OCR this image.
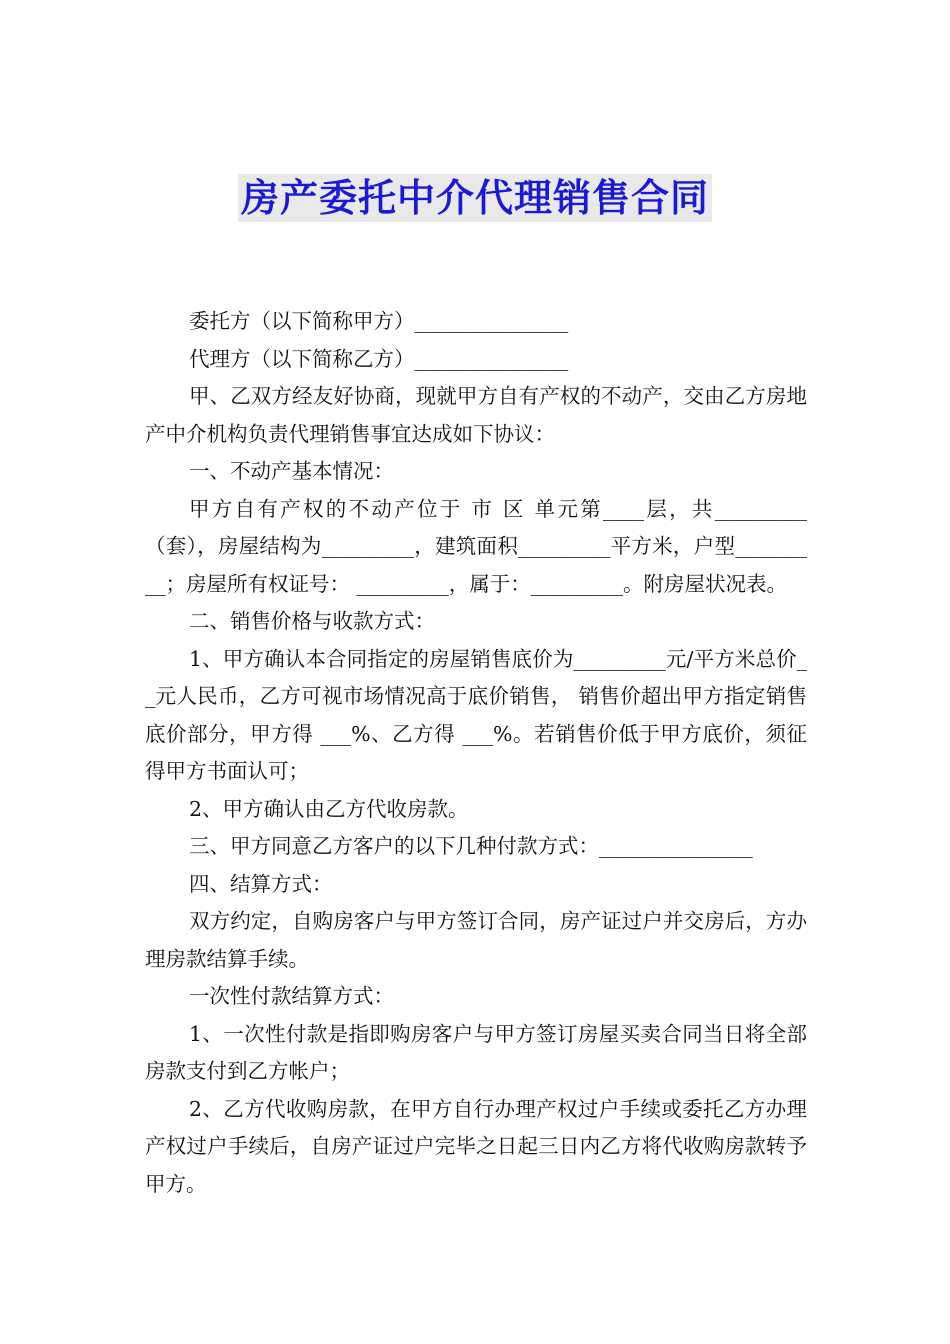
房产委托中介代理销售合同

委托方（以下简称甲方）_______________

代理方（以下简称乙方）_______________

甲、乙双方经友好协商，现就甲方自有产权的不动产，交由乙方房地产中介机构负责代理销售事宜达成如下协议：

一、不动产基本情况：

甲方自有产权的不动产位于 市 区 单元第____层，共_________（套），房屋结构为_________，建筑面积_________平方米，户型_________；房屋所有权证号： _________，属于：_________。附房屋状况表。

二、销售价格与收款方式：

1、甲方确认本合同指定的房屋销售底价为_________元/平方米总价__元人民币，乙方可视市场情况高于底价销售， 销售价超出甲方指定销售底价部分，甲方得 ___%、乙方得 ___%。若销售价低于甲方底价，须征得甲方书面认可；

2、甲方确认由乙方代收房款。

三、甲方同意乙方客户的以下几种付款方式：_______________

四、结算方式：

双方约定，自购房客户与甲方签订合同，房产证过户并交房后，方办理房款结算手续。

一次性付款结算方式：

1、一次性付款是指即购房客户与甲方签订房屋买卖合同当日将全部房款支付到乙方帐户；

2、乙方代收购房款，在甲方自行办理产权过户手续或委托乙方办理产权过户手续后，自房产证过户完毕之日起三日内乙方将代收购房款转予甲方。
